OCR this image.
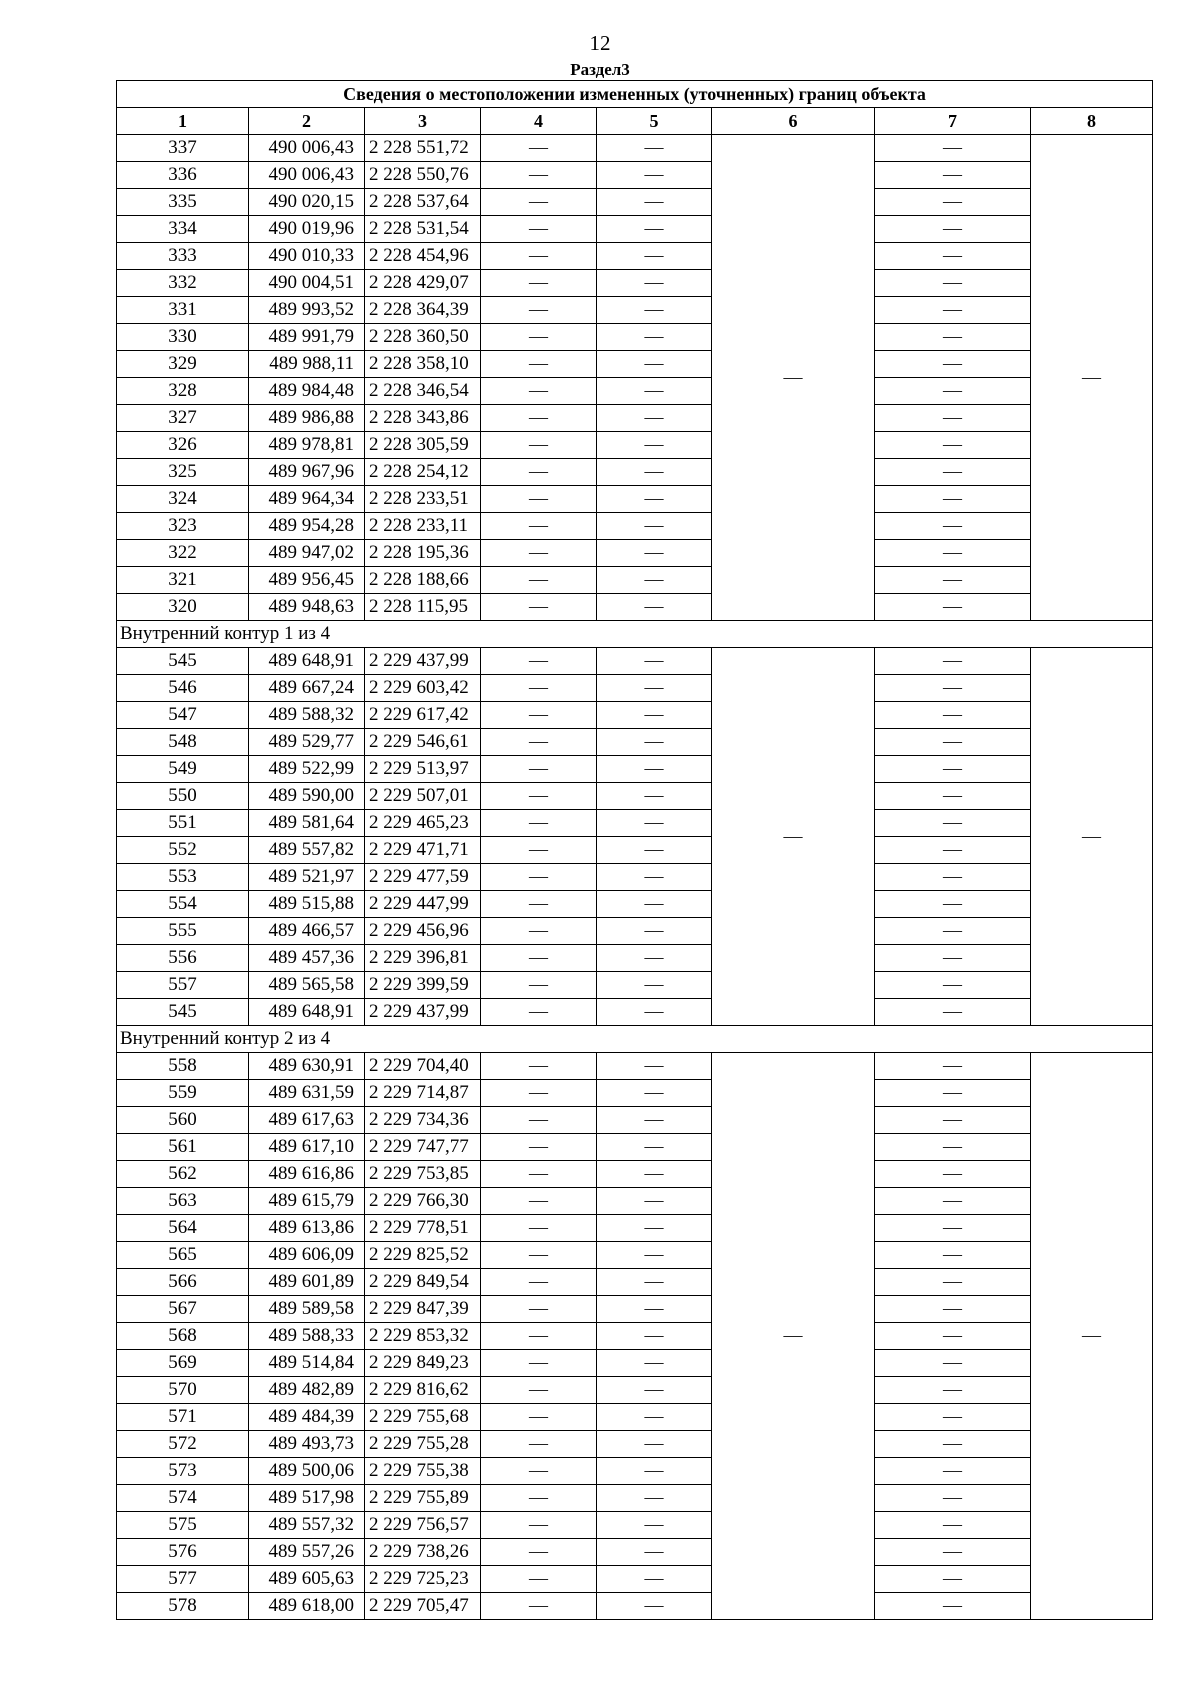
12
Раздел3
Сведения о местоположении измененных (уточненных) границ объекта							
1	2	3	4	5	6	7	8
337	490 006,43	2 228 551,72	—	—	—	—	—
336	490 006,43	2 228 550,76	—	—		—	
335	490 020,15	2 228 537,64	—	—		—	
334	490 019,96	2 228 531,54	—	—		—	
333	490 010,33	2 228 454,96	—	—		—	
332	490 004,51	2 228 429,07	—	—		—	
331	489 993,52	2 228 364,39	—	—		—	
330	489 991,79	2 228 360,50	—	—		—	
329	489 988,11	2 228 358,10	—	—		—	
328	489 984,48	2 228 346,54	—	—		—	
327	489 986,88	2 228 343,86	—	—		—	
326	489 978,81	2 228 305,59	—	—		—	
325	489 967,96	2 228 254,12	—	—		—	
324	489 964,34	2 228 233,51	—	—		—	
323	489 954,28	2 228 233,11	—	—		—	
322	489 947,02	2 228 195,36	—	—		—	
321	489 956,45	2 228 188,66	—	—		—	
320	489 948,63	2 228 115,95	—	—		—	
Внутренний контур 1 из 4							
545	489 648,91	2 229 437,99	—	—	—	—	—
546	489 667,24	2 229 603,42	—	—		—	
547	489 588,32	2 229 617,42	—	—		—	
548	489 529,77	2 229 546,61	—	—		—	
549	489 522,99	2 229 513,97	—	—		—	
550	489 590,00	2 229 507,01	—	—		—	
551	489 581,64	2 229 465,23	—	—		—	
552	489 557,82	2 229 471,71	—	—		—	
553	489 521,97	2 229 477,59	—	—		—	
554	489 515,88	2 229 447,99	—	—		—	
555	489 466,57	2 229 456,96	—	—		—	
556	489 457,36	2 229 396,81	—	—		—	
557	489 565,58	2 229 399,59	—	—		—	
545	489 648,91	2 229 437,99	—	—		—	
Внутренний контур 2 из 4							
558	489 630,91	2 229 704,40	—	—	—	—	—
559	489 631,59	2 229 714,87	—	—		—	
560	489 617,63	2 229 734,36	—	—		—	
561	489 617,10	2 229 747,77	—	—		—	
562	489 616,86	2 229 753,85	—	—		—	
563	489 615,79	2 229 766,30	—	—		—	
564	489 613,86	2 229 778,51	—	—		—	
565	489 606,09	2 229 825,52	—	—		—	
566	489 601,89	2 229 849,54	—	—		—	
567	489 589,58	2 229 847,39	—	—		—	
568	489 588,33	2 229 853,32	—	—		—	
569	489 514,84	2 229 849,23	—	—		—	
570	489 482,89	2 229 816,62	—	—		—	
571	489 484,39	2 229 755,68	—	—		—	
572	489 493,73	2 229 755,28	—	—		—	
573	489 500,06	2 229 755,38	—	—		—	
574	489 517,98	2 229 755,89	—	—		—	
575	489 557,32	2 229 756,57	—	—		—	
576	489 557,26	2 229 738,26	—	—		—	
577	489 605,63	2 229 725,23	—	—		—	
578	489 618,00	2 229 705,47	—	—		—	
